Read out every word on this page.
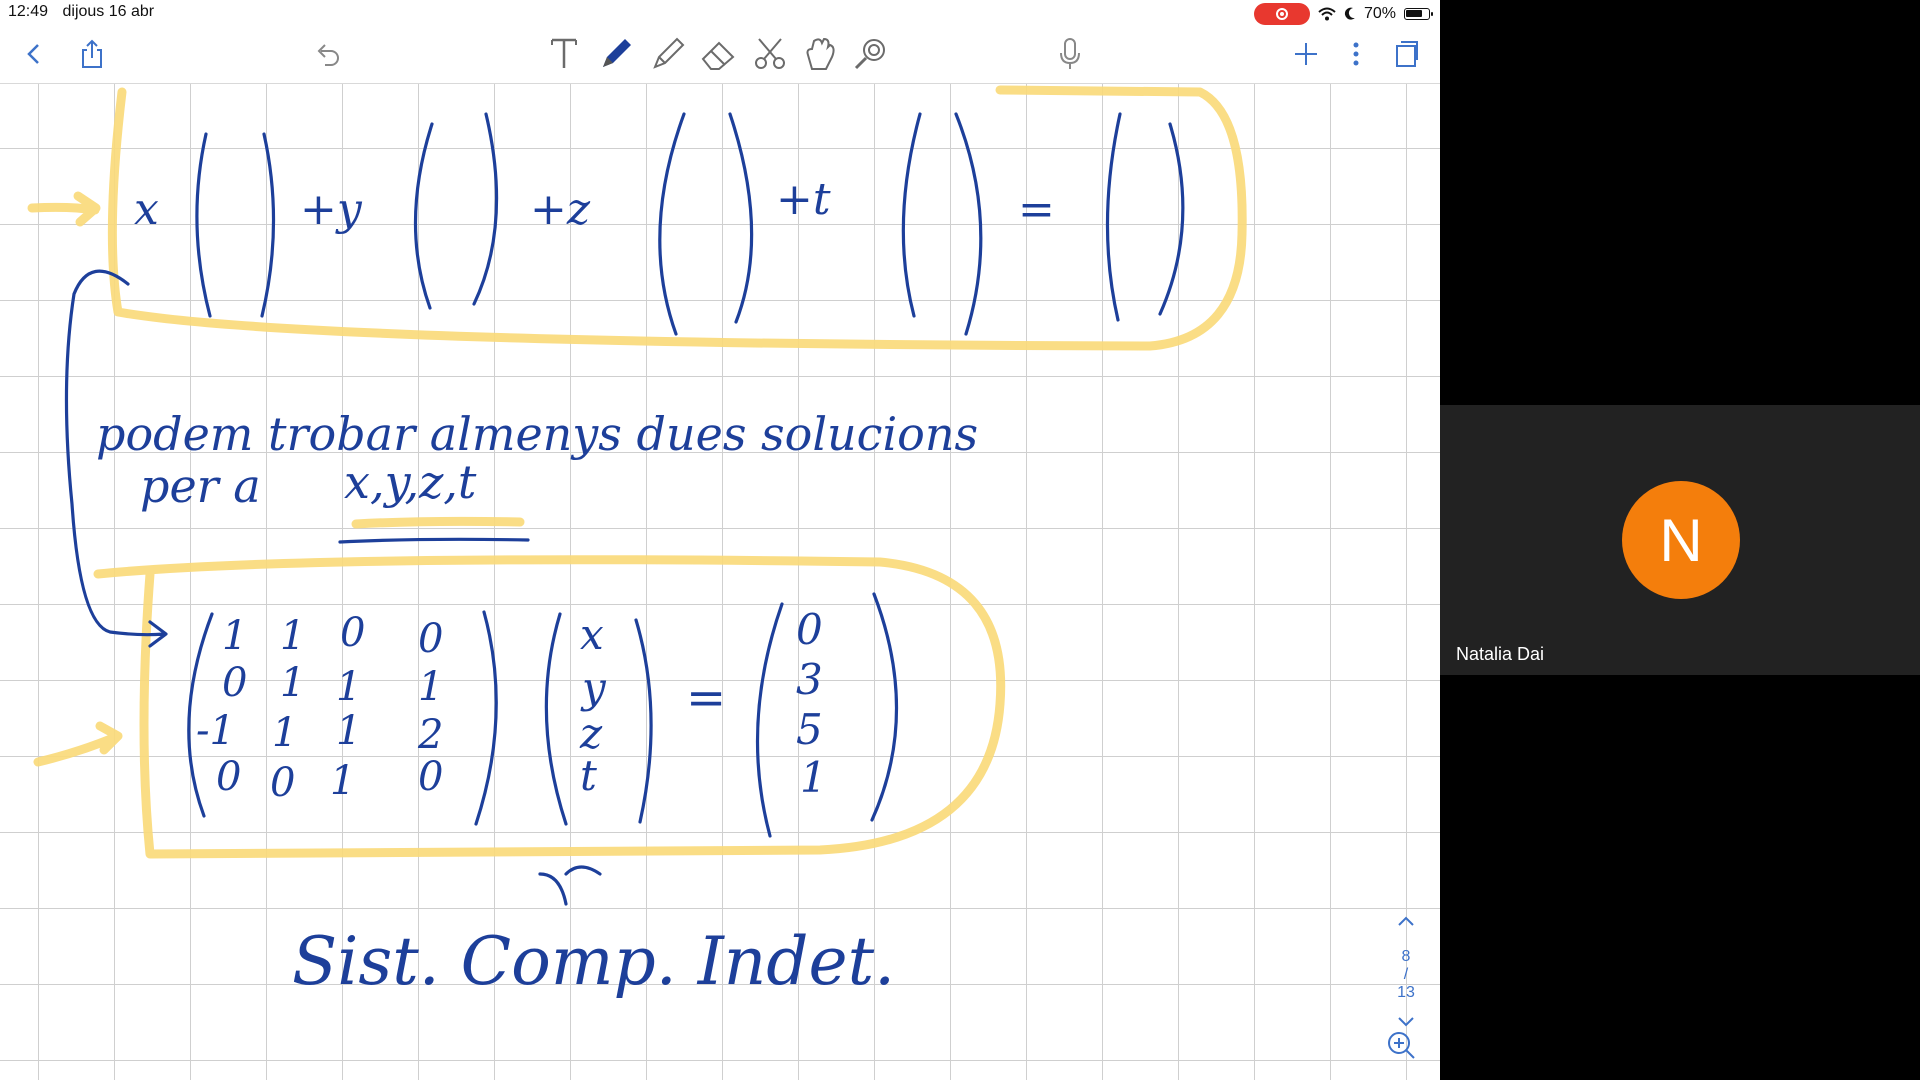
12:49 dijous 16 abr	70%
x	+y	+z	+t	=
podem trobar almenys dues solucions
per a x,y,z,t
1 1 0 0
0 1 1 1
-1 1 1 2
0 0 1 0
x
y
z
t
=
0
3
5
1
Sist. Comp. Indet.	8
/
13
N
Natalia Dai
